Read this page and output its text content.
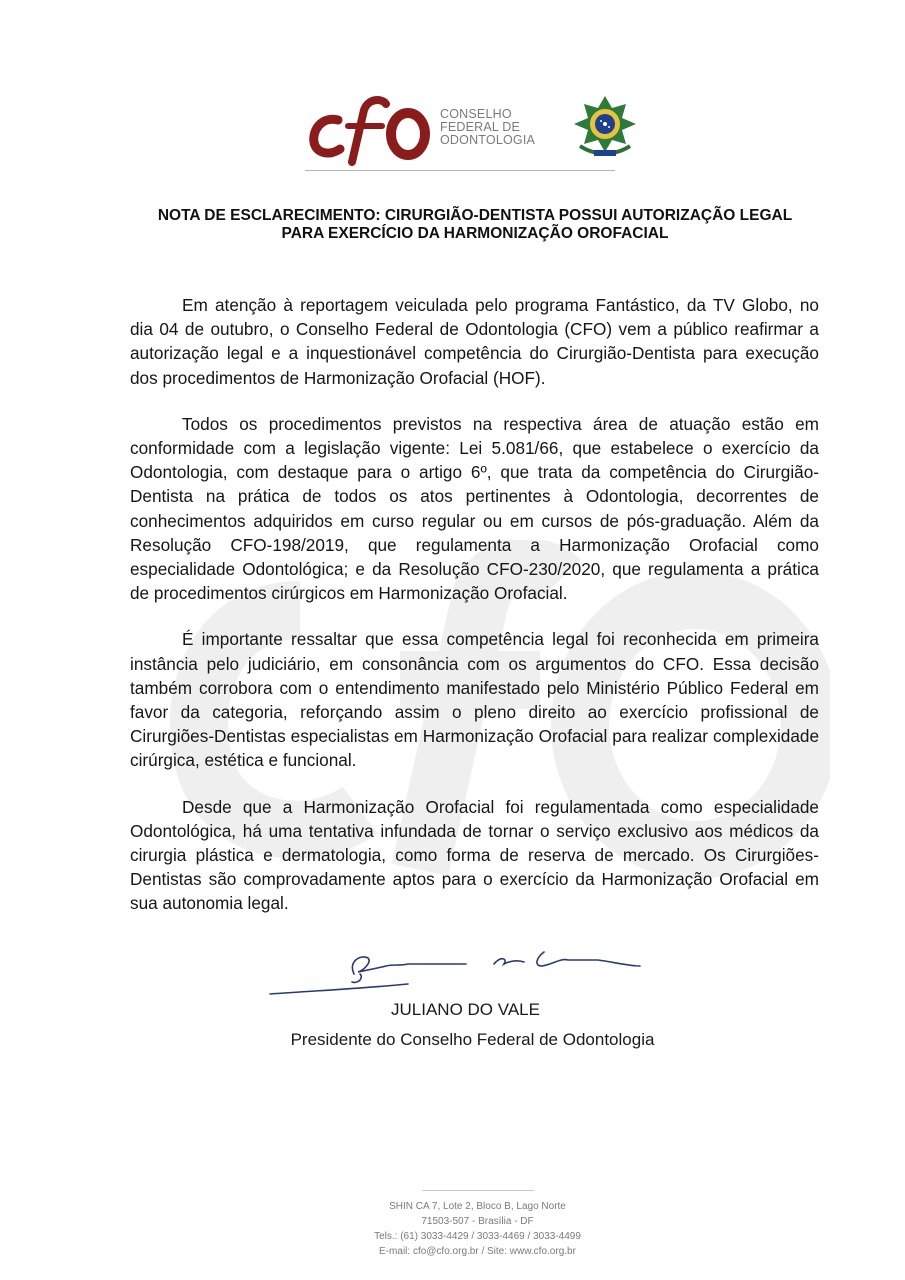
CONSELHO
FEDERAL DE
ODONTOLOGIA
NOTA DE ESCLARECIMENTO: CIRURGIÃO-DENTISTA POSSUI AUTORIZAÇÃO LEGAL
PARA EXERCÍCIO DA HARMONIZAÇÃO OROFACIAL

Em atenção à reportagem veiculada pelo programa Fantástico, da TV Globo, no dia 04 de outubro, o Conselho Federal de Odontologia (CFO) vem a público reafirmar a autorização legal e a inquestionável competência do Cirurgião-Dentista para execução dos procedimentos de Harmonização Orofacial (HOF).

Todos os procedimentos previstos na respectiva área de atuação estão em conformidade com a legislação vigente: Lei 5.081/66, que estabelece o exercício da Odontologia, com destaque para o artigo 6º, que trata da competência do Cirurgião-Dentista na prática de todos os atos pertinentes à Odontologia, decorrentes de conhecimentos adquiridos em curso regular ou em cursos de pós-graduação. Além da Resolução CFO-198/2019, que regulamenta a Harmonização Orofacial como especialidade Odontológica; e da Resolução CFO-230/2020, que regulamenta a prática de procedimentos cirúrgicos em Harmonização Orofacial.

É importante ressaltar que essa competência legal foi reconhecida em primeira instância pelo judiciário, em consonância com os argumentos do CFO. Essa decisão também corrobora com o entendimento manifestado pelo Ministério Público Federal em favor da categoria, reforçando assim o pleno direito ao exercício profissional de Cirurgiões-Dentistas especialistas em Harmonização Orofacial para realizar complexidade cirúrgica, estética e funcional.

Desde que a Harmonização Orofacial foi regulamentada como especialidade Odontológica, há uma tentativa infundada de tornar o serviço exclusivo aos médicos da cirurgia plástica e dermatologia, como forma de reserva de mercado. Os Cirurgiões-Dentistas são comprovadamente aptos para o exercício da Harmonização Orofacial em sua autonomia legal.

JULIANO DO VALE
Presidente do Conselho Federal de Odontologia
SHIN CA 7, Lote 2, Bloco B, Lago Norte
71503-507 - Brasília - DF
Tels.: (61) 3033-4429 / 3033-4469 / 3033-4499
E-mail: cfo@cfo.org.br / Site: www.cfo.org.br
